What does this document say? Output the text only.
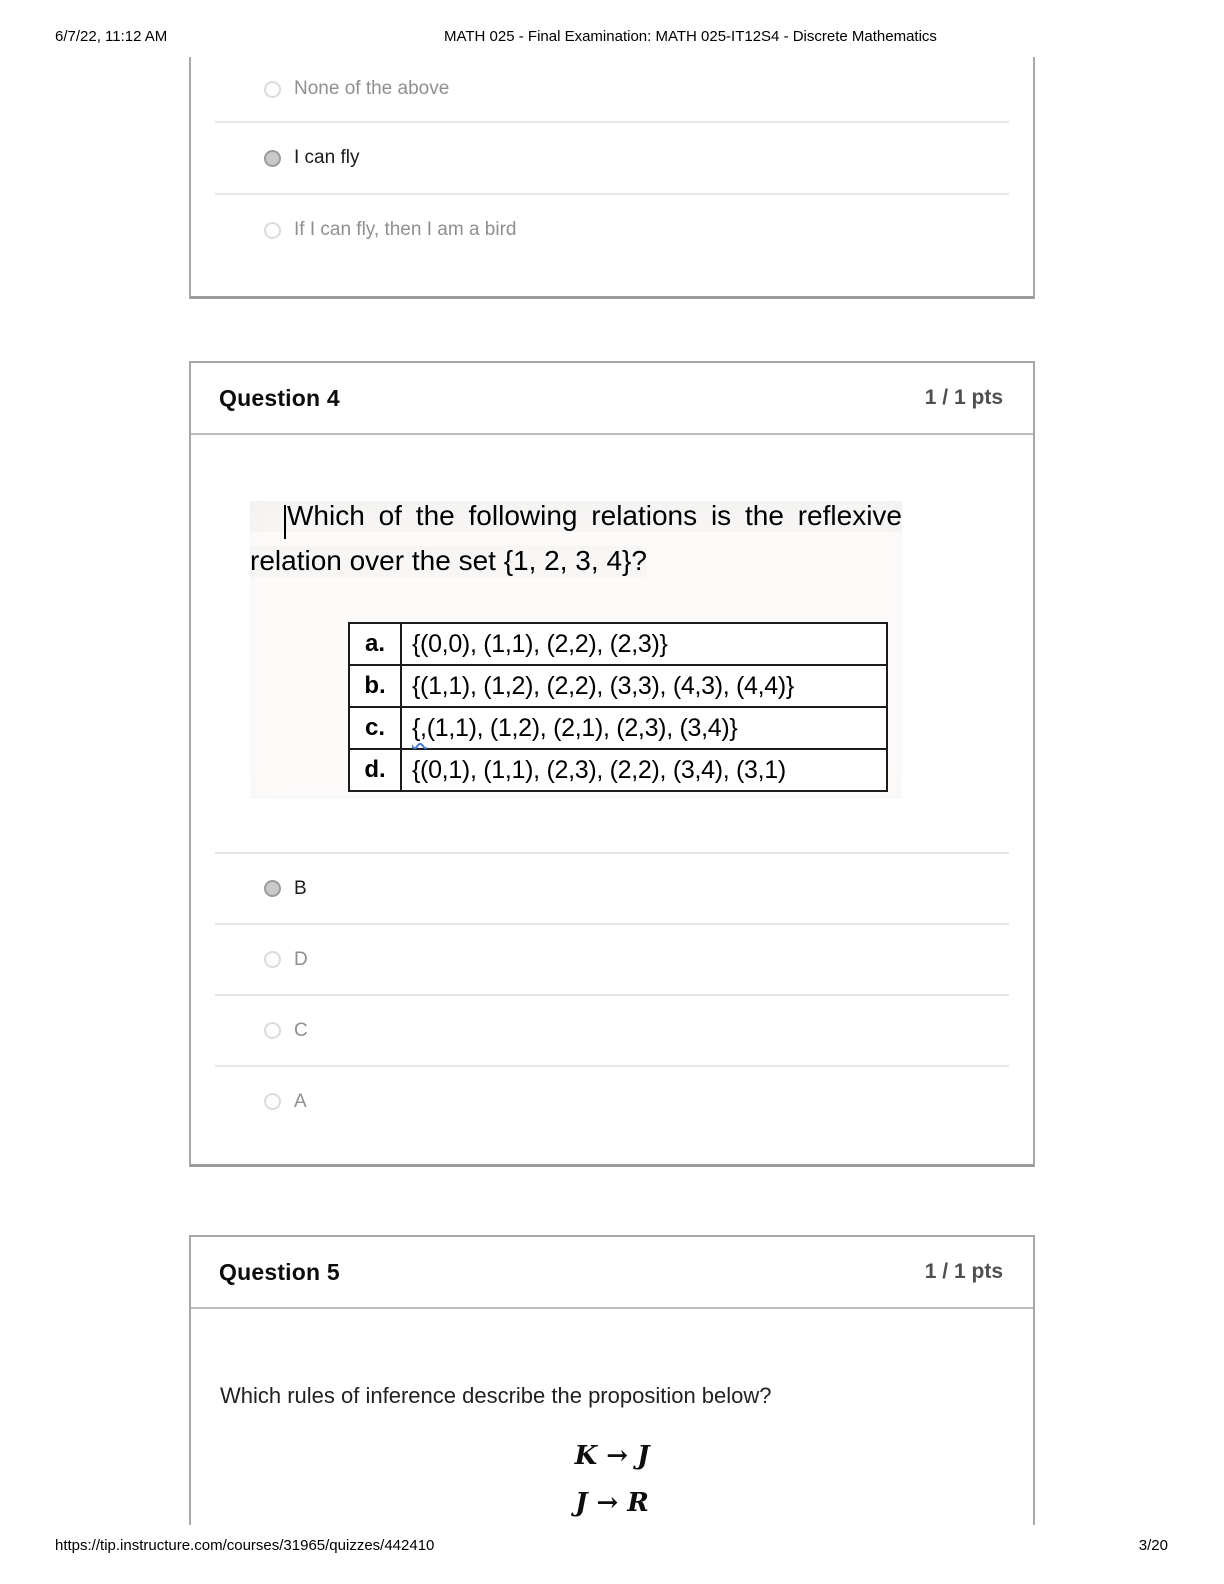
6/7/22, 11:12 AM	MATH 025 - Final Examination: MATH 025-IT12S4 - Discrete Mathematics
None of the above
I can fly
If I can fly, then I am a bird
Question 4	1 / 1 pts
Which of the following relations is the reflexive
relation over the set {1, 2, 3, 4}?
a.	{(0,0), (1,1), (2,2), (2,3)}
b.	{(1,1), (1,2), (2,2), (3,3), (4,3), (4,4)}
c.	{,(1,1), (1,2), (2,1), (2,3), (3,4)}
d.	{(0,1), (1,1), (2,3), (2,2), (3,4), (3,1)
B
D
C
A
Question 5	1 / 1 pts
Which rules of inference describe the proposition below?
K → J
J → R
https://tip.instructure.com/courses/31965/quizzes/442410	3/20
